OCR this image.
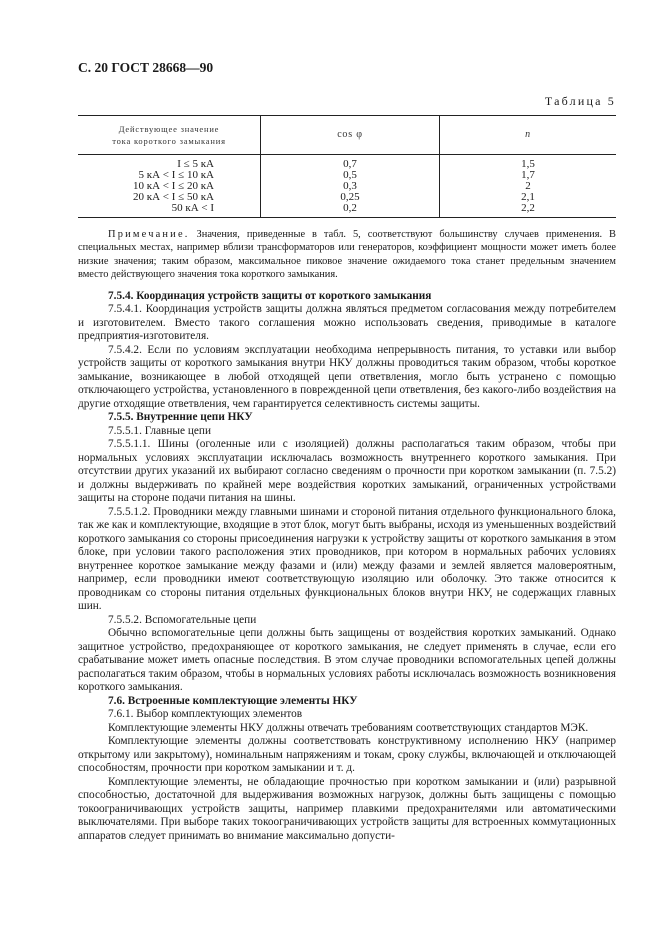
С. 20 ГОСТ 28668—90
Таблица 5
Действующее значение
тока короткого замыкания	cos φ	n
I ≤ 5 кА	0,7	1,5
5 кА < I ≤ 10 кА	0,5	1,7
10 кА < I ≤ 20 кА	0,3	2
20 кА < I ≤ 50 кА	0,25	2,1
50 кА < I	0,2	2,2
Примечание. Значения, приведенные в табл. 5, соответствуют большинству случаев применения. В специальных местах, например вблизи трансформаторов или генераторов, коэффициент мощности может иметь более низкие значения; таким образом, максимальное пиковое значение ожидаемого тока станет предельным значением вместо действующего значения тока короткого замыкания.

7.5.4. Координация устройств защиты от короткого замыкания

7.5.4.1. Координация устройств защиты должна являться предметом согласования между потребителем и изготовителем. Вместо такого соглашения можно использовать сведения, приводимые в каталоге предприятия-изготовителя.

7.5.4.2. Если по условиям эксплуатации необходима непрерывность питания, то уставки или выбор устройств защиты от короткого замыкания внутри НКУ должны проводиться таким образом, чтобы короткое замыкание, возникающее в любой отходящей цепи ответвления, могло быть устранено с помощью отключающего устройства, установленного в поврежденной цепи ответвления, без какого-либо воздействия на другие отходящие ответвления, чем гарантируется селективность системы защиты.

7.5.5. Внутренние цепи НКУ

7.5.5.1. Главные цепи

7.5.5.1.1. Шины (оголенные или с изоляцией) должны располагаться таким образом, чтобы при нормальных условиях эксплуатации исключалась возможность внутреннего короткого замыкания. При отсутствии других указаний их выбирают согласно сведениям о прочности при коротком замыкании (п. 7.5.2) и должны выдерживать по крайней мере воздействия коротких замыканий, ограниченных устройствами защиты на стороне подачи питания на шины.

7.5.5.1.2. Проводники между главными шинами и стороной питания отдельного функционального блока, так же как и комплектующие, входящие в этот блок, могут быть выбраны, исходя из уменьшенных воздействий короткого замыкания со стороны присоединения нагрузки к устройству защиты от короткого замыкания в этом блоке, при условии такого расположения этих проводников, при котором в нормальных рабочих условиях внутреннее короткое замыкание между фазами и (или) между фазами и землей является маловероятным, например, если проводники имеют соответствующую изоляцию или оболочку. Это также относится к проводникам со стороны питания отдельных функциональных блоков внутри НКУ, не содержащих главных шин.

7.5.5.2. Вспомогательные цепи

Обычно вспомогательные цепи должны быть защищены от воздействия коротких замыканий. Однако защитное устройство, предохраняющее от короткого замыкания, не следует применять в случае, если его срабатывание может иметь опасные последствия. В этом случае проводники вспомогательных цепей должны располагаться таким образом, чтобы в нормальных условиях работы исключалась возможность возникновения короткого замыкания.

7.6. Встроенные комплектующие элементы НКУ

7.6.1. Выбор комплектующих элементов

Комплектующие элементы НКУ должны отвечать требованиям соответствующих стандартов МЭК.

Комплектующие элементы должны соответствовать конструктивному исполнению НКУ (например открытому или закрытому), номинальным напряжениям и токам, сроку службы, включающей и отключающей способностям, прочности при коротком замыкании и т. д.

Комплектующие элементы, не обладающие прочностью при коротком замыкании и (или) разрывной способностью, достаточной для выдерживания возможных нагрузок, должны быть защищены с помощью токоограничивающих устройств защиты, например плавкими предохранителями или автоматическими выключателями. При выборе таких токоограничивающих устройств защиты для встроенных коммутационных аппаратов следует принимать во внимание максимально допусти-
